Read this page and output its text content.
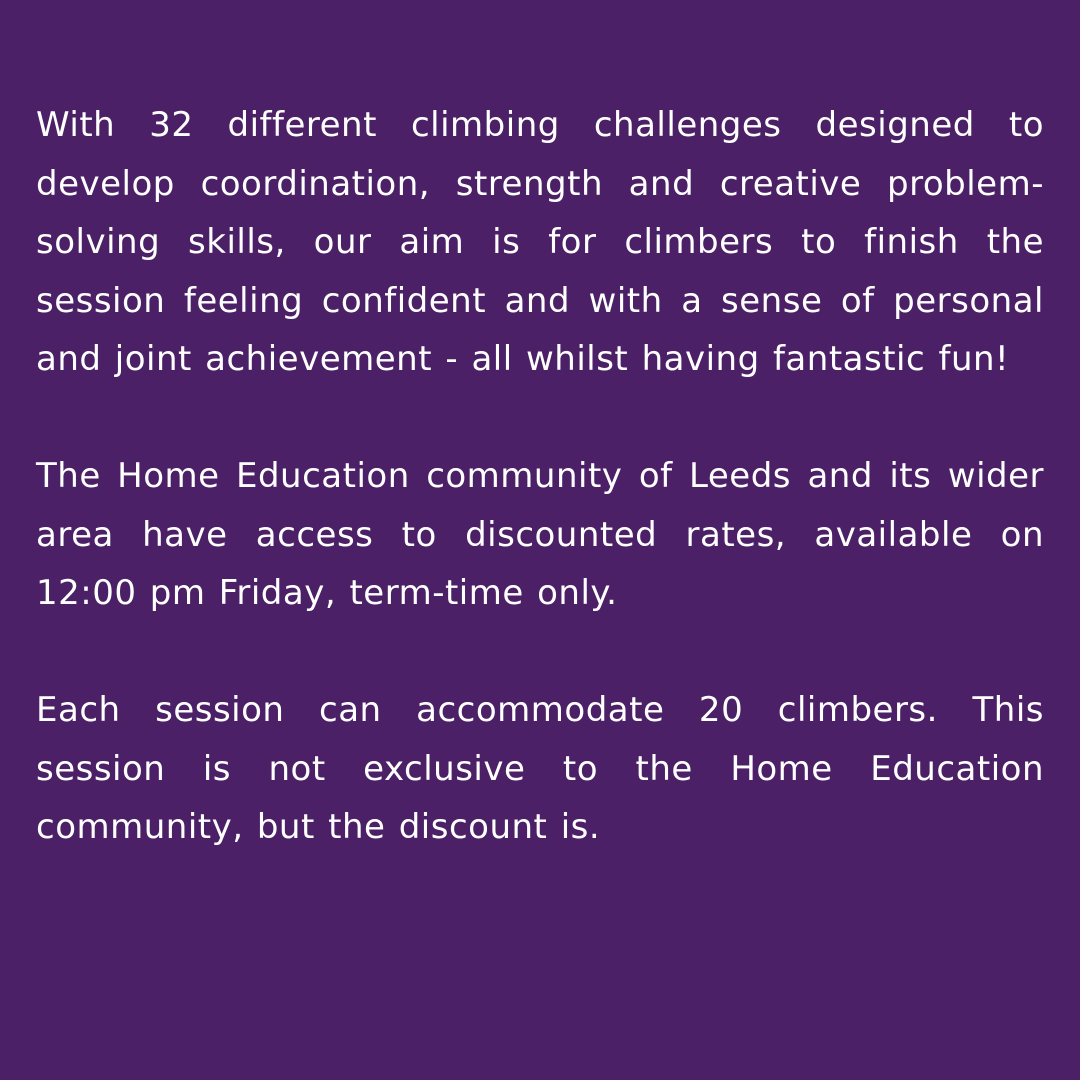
With 32 different climbing challenges designed to develop coordination, strength and creative problem-solving skills, our aim is for climbers to finish the session feeling confident and with a sense of personal and joint achievement - all whilst having fantastic fun!

The Home Education community of Leeds and its wider area have access to discounted rates, available on 12:00 pm Friday, term-time only.

Each session can accommodate 20 climbers. This session is not exclusive to the Home Education community, but the discount is.
